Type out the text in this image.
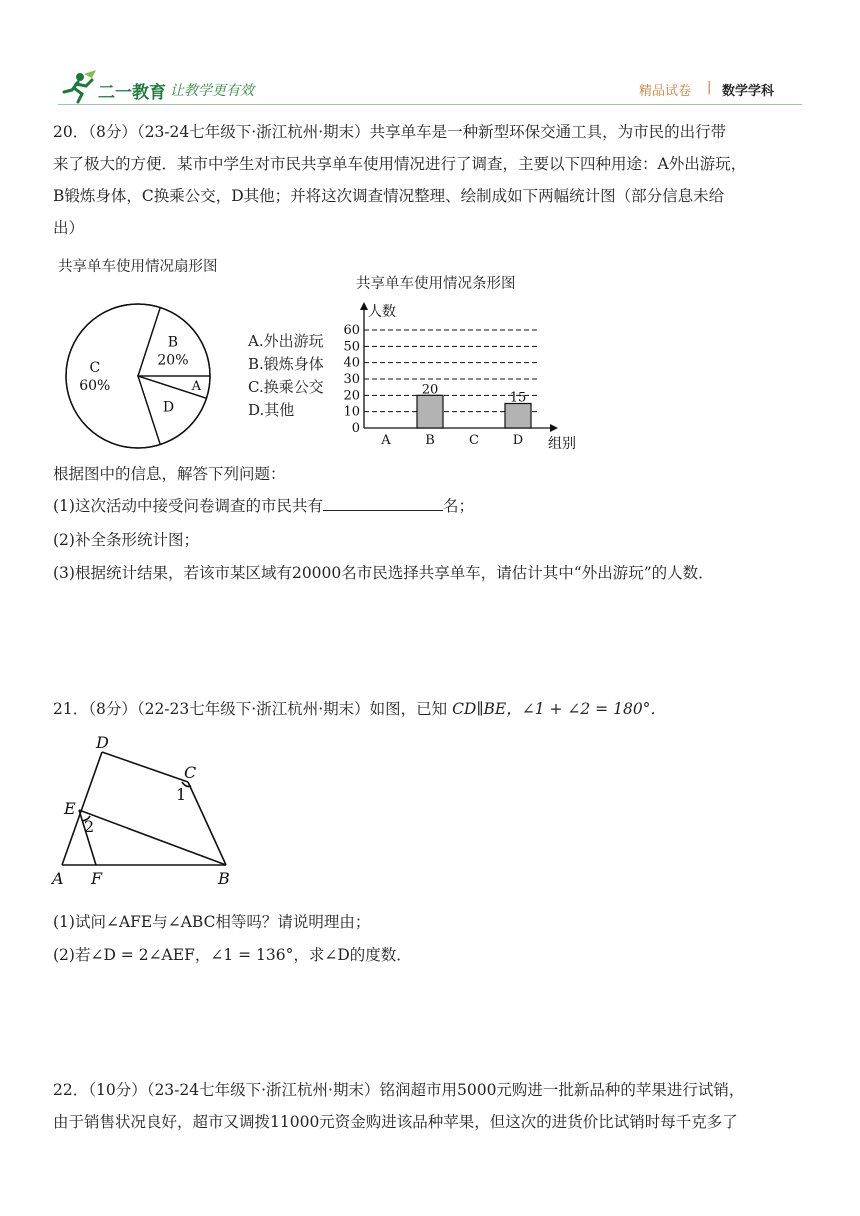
二一教育 让教学更有效	精品试卷 | 数学学科
20．（8分）（23-24七年级下·浙江杭州·期末）共享单车是一种新型环保交通工具，为市民的出行带
来了极大的方便．某市中学生对市民共享单车使用情况进行了调查，主要以下四种用途：A外出游玩，
B锻炼身体，C换乘公交，D其他；并将这次调查情况整理、绘制成如下两幅统计图（部分信息未给
出）
共享单车使用情况扇形图
共享单车使用情况条形图
B
20%
A
D
C
60%
A.外出游玩
B.锻炼身体
C.换乘公交
D.其他
人数
组别
0
10
20
30
40
50
60
A	B
20
C	D
15
根据图中的信息，解答下列问题：
(1)这次活动中接受问卷调查的市民共有	名；
(2)补全条形统计图；
(3)根据统计结果，若该市某区域有20000名市民选择共享单车，请估计其中“外出游玩”的人数．
21．（8分）（22-23七年级下·浙江杭州·期末）如图，已知 CD∥BE，∠1 + ∠2 = 180°．
D
C
E
A F	B
1
2
(1)试问∠AFE与∠ABC相等吗？请说明理由；
(2)若∠D = 2∠AEF，∠1 = 136°，求∠D的度数．
22．（10分）（23-24七年级下·浙江杭州·期末）铭润超市用5000元购进一批新品种的苹果进行试销，
由于销售状况良好，超市又调拨11000元资金购进该品种苹果，但这次的进货价比试销时每千克多了
